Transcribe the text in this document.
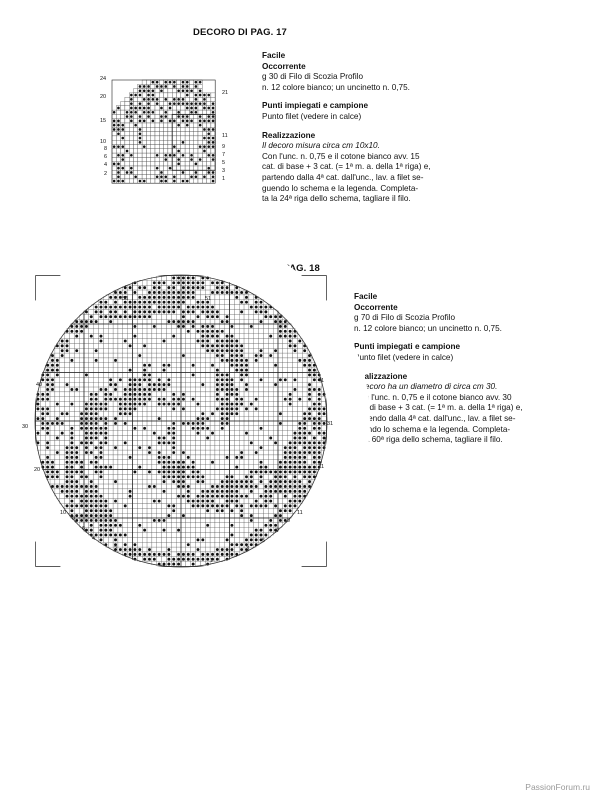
DECORO DI PAG. 17
Facile
Occorrente
g 30 di Filo di Scozia Profilo
n. 12 colore bianco; un uncinetto n. 0,75.
Punti impiegati e campione
Punto filet (vedere in calce)
Realizzazione
Il decoro misura circa cm 10x10.
Con l'unc. n. 0,75 e il cotone bianco avv. 15
cat. di base + 3 cat. (= 1ª m. a. della 1ª riga) e,
partendo dalla 4ª cat. dall'unc., lav. a filet se-
guendo lo schema e la legenda. Completa-
ta la 24ª riga dello schema, tagliare il filo.
DECORO DI PAG. 18
Facile
Occorrente
g 70 di Filo di Scozia Profilo
n. 12 colore bianco; un uncinetto n. 0,75.
Punti impiegati e campione
Punto filet (vedere in calce)
Realizzazione
Il decoro ha un diametro di circa cm 30.
Con l'unc. n. 0,75 e il cotone bianco avv. 30
cat. di base + 3 cat. (= 1ª m. a. della 1ª riga) e,
partendo dalla 4ª cat. dall'unc., lav. a filet se-
guendo lo schema e la legenda. Completa-
ta la 60ª riga dello schema, tagliare il filo.
24
20
15
10
8
6
4
2
21
11
9
7
5
3
1
50
40
30
20
10
8
6
4
2
51
41
31
21
11
9
7
5
3
1
PassionForum.ru
